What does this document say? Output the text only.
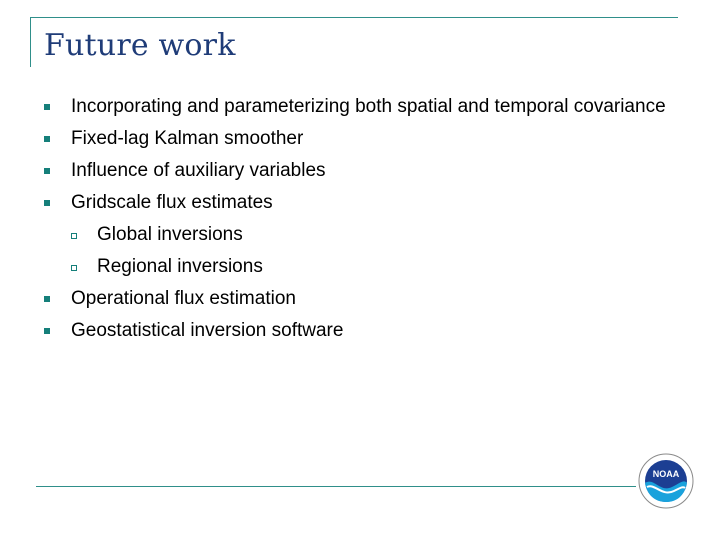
Future work
Incorporating and parameterizing both spatial and temporal covariance
Fixed-lag Kalman smoother
Influence of auxiliary variables
Gridscale flux estimates
Global inversions
Regional inversions
Operational flux estimation
Geostatistical inversion software
NOAA
